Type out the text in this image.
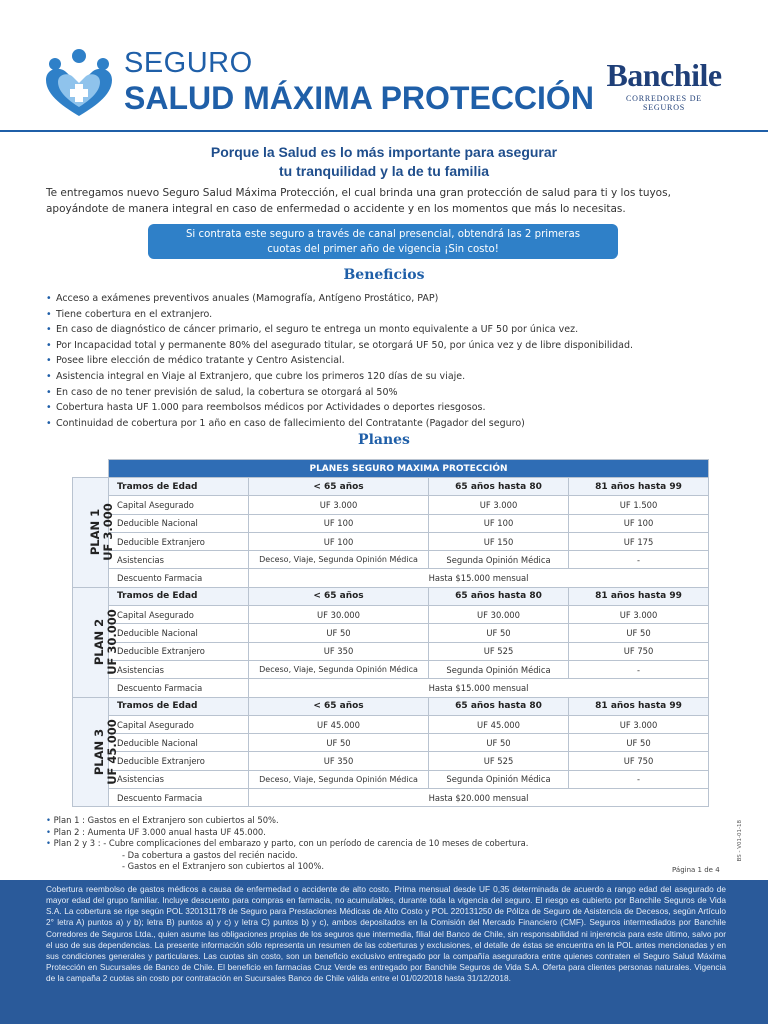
SEGURO
SALUD MÁXIMA PROTECCIÓN
Banchile
CORREDORES DE SEGUROS
Porque la Salud es lo más importante para asegurar
tu tranquilidad y la de tu familia

Te entregamos nuevo Seguro Salud Máxima Protección, el cual brinda una gran protección de salud para ti y los tuyos, apoyándote de manera integral en caso de enfermedad o accidente y en los momentos que más lo necesitas.

Si contrata este seguro a través de canal presencial, obtendrá las 2 primeras
cuotas del primer año de vigencia ¡Sin costo!
Beneficios
• Acceso a exámenes preventivos anuales (Mamografía, Antígeno Prostático, PAP)
• Tiene cobertura en el extranjero.
• En caso de diagnóstico de cáncer primario, el seguro te entrega un monto equivalente a UF 50 por única vez.
• Por Incapacidad total y permanente 80% del asegurado titular, se otorgará UF 50, por única vez y de libre disponibilidad.
• Posee libre elección de médico tratante y Centro Asistencial.
• Asistencia integral en Viaje al Extranjero, que cubre los primeros 120 días de su viaje.
• En caso de no tener previsión de salud, la cobertura se otorgará al 50%
• Cobertura hasta UF 1.000 para reembolsos médicos por Actividades o deportes riesgosos.
• Continuidad de cobertura por 1 año en caso de fallecimiento del Contratante (Pagador del seguro)
Planes
	PLANES SEGURO MAXIMA PROTECCIÓN			
PLAN 1
UF 3.000	Tramos de Edad	< 65 años	65 años hasta 80	81 años hasta 99
	Capital Asegurado	UF 3.000	UF 3.000	UF 1.500
	Deducible Nacional	UF 100	UF 100	UF 100
	Deducible Extranjero	UF 100	UF 150	UF 175
	Asistencias	Deceso, Viaje, Segunda Opinión Médica	Segunda Opinión Médica	-
	Descuento Farmacia	Hasta $15.000 mensual		
PLAN 2
UF 30.000	Tramos de Edad	< 65 años	65 años hasta 80	81 años hasta 99
	Capital Asegurado	UF 30.000	UF 30.000	UF 3.000
	Deducible Nacional	UF 50	UF 50	UF 50
	Deducible Extranjero	UF 350	UF 525	UF 750
	Asistencias	Deceso, Viaje, Segunda Opinión Médica	Segunda Opinión Médica	-
	Descuento Farmacia	Hasta $15.000 mensual		
PLAN 3
UF 45.000	Tramos de Edad	< 65 años	65 años hasta 80	81 años hasta 99
	Capital Asegurado	UF 45.000	UF 45.000	UF 3.000
	Deducible Nacional	UF 50	UF 50	UF 50
	Deducible Extranjero	UF 350	UF 525	UF 750
	Asistencias	Deceso, Viaje, Segunda Opinión Médica	Segunda Opinión Médica	-
	Descuento Farmacia	Hasta $20.000 mensual		
• Plan 1 : Gastos en el Extranjero son cubiertos al 50%.
• Plan 2 : Aumenta UF 3.000 anual hasta UF 45.000.
• Plan 2 y 3 : - Cubre complicaciones del embarazo y parto, con un período de carencia de 10 meses de cobertura.
- Da cobertura a gastos del recién nacido.
- Gastos en el Extranjero son cubiertos al 100%.	Página 1 de 4
BS - V01-01-18

Cobertura reembolso de gastos médicos a causa de enfermedad o accidente de alto costo. Prima mensual desde UF 0,35 determinada de acuerdo a rango edad del asegurado de mayor edad del grupo familiar. Incluye descuento para compras en farmacia, no acumulables, durante toda la vigencia del seguro. El riesgo es cubierto por Banchile Seguros de Vida S.A. La cobertura se rige según POL 320131178 de Seguro para Prestaciones Médicas de Alto Costo y POL 220131250 de Póliza de Seguro de Asistencia de Decesos, según Artículo 2° letra A) puntos a) y b); letra B) puntos a) y c) y letra C) puntos b) y c), ambos depositados en la Comisión del Mercado Financiero (CMF). Seguros intermediados por Banchile Corredores de Seguros Ltda., quien asume las obligaciones propias de los seguros que intermedia, filial del Banco de Chile, sin responsabilidad ni injerencia para este último, salvo por el uso de sus dependencias. La presente información sólo representa un resumen de las coberturas y exclusiones, el detalle de éstas se encuentra en la POL antes mencionadas y en sus condiciones generales y particulares. Las cuotas sin costo, son un beneficio exclusivo entregado por la compañía aseguradora entre quienes contraten el Seguro Salud Máxima Protección en Sucursales de Banco de Chile. El beneficio en farmacias Cruz Verde es entregado por Banchile Seguros de Vida S.A. Oferta para clientes personas naturales. Vigencia de la campaña 2 cuotas sin costo por contratación en Sucursales Banco de Chile válida entre el 01/02/2018 hasta 31/12/2018.
